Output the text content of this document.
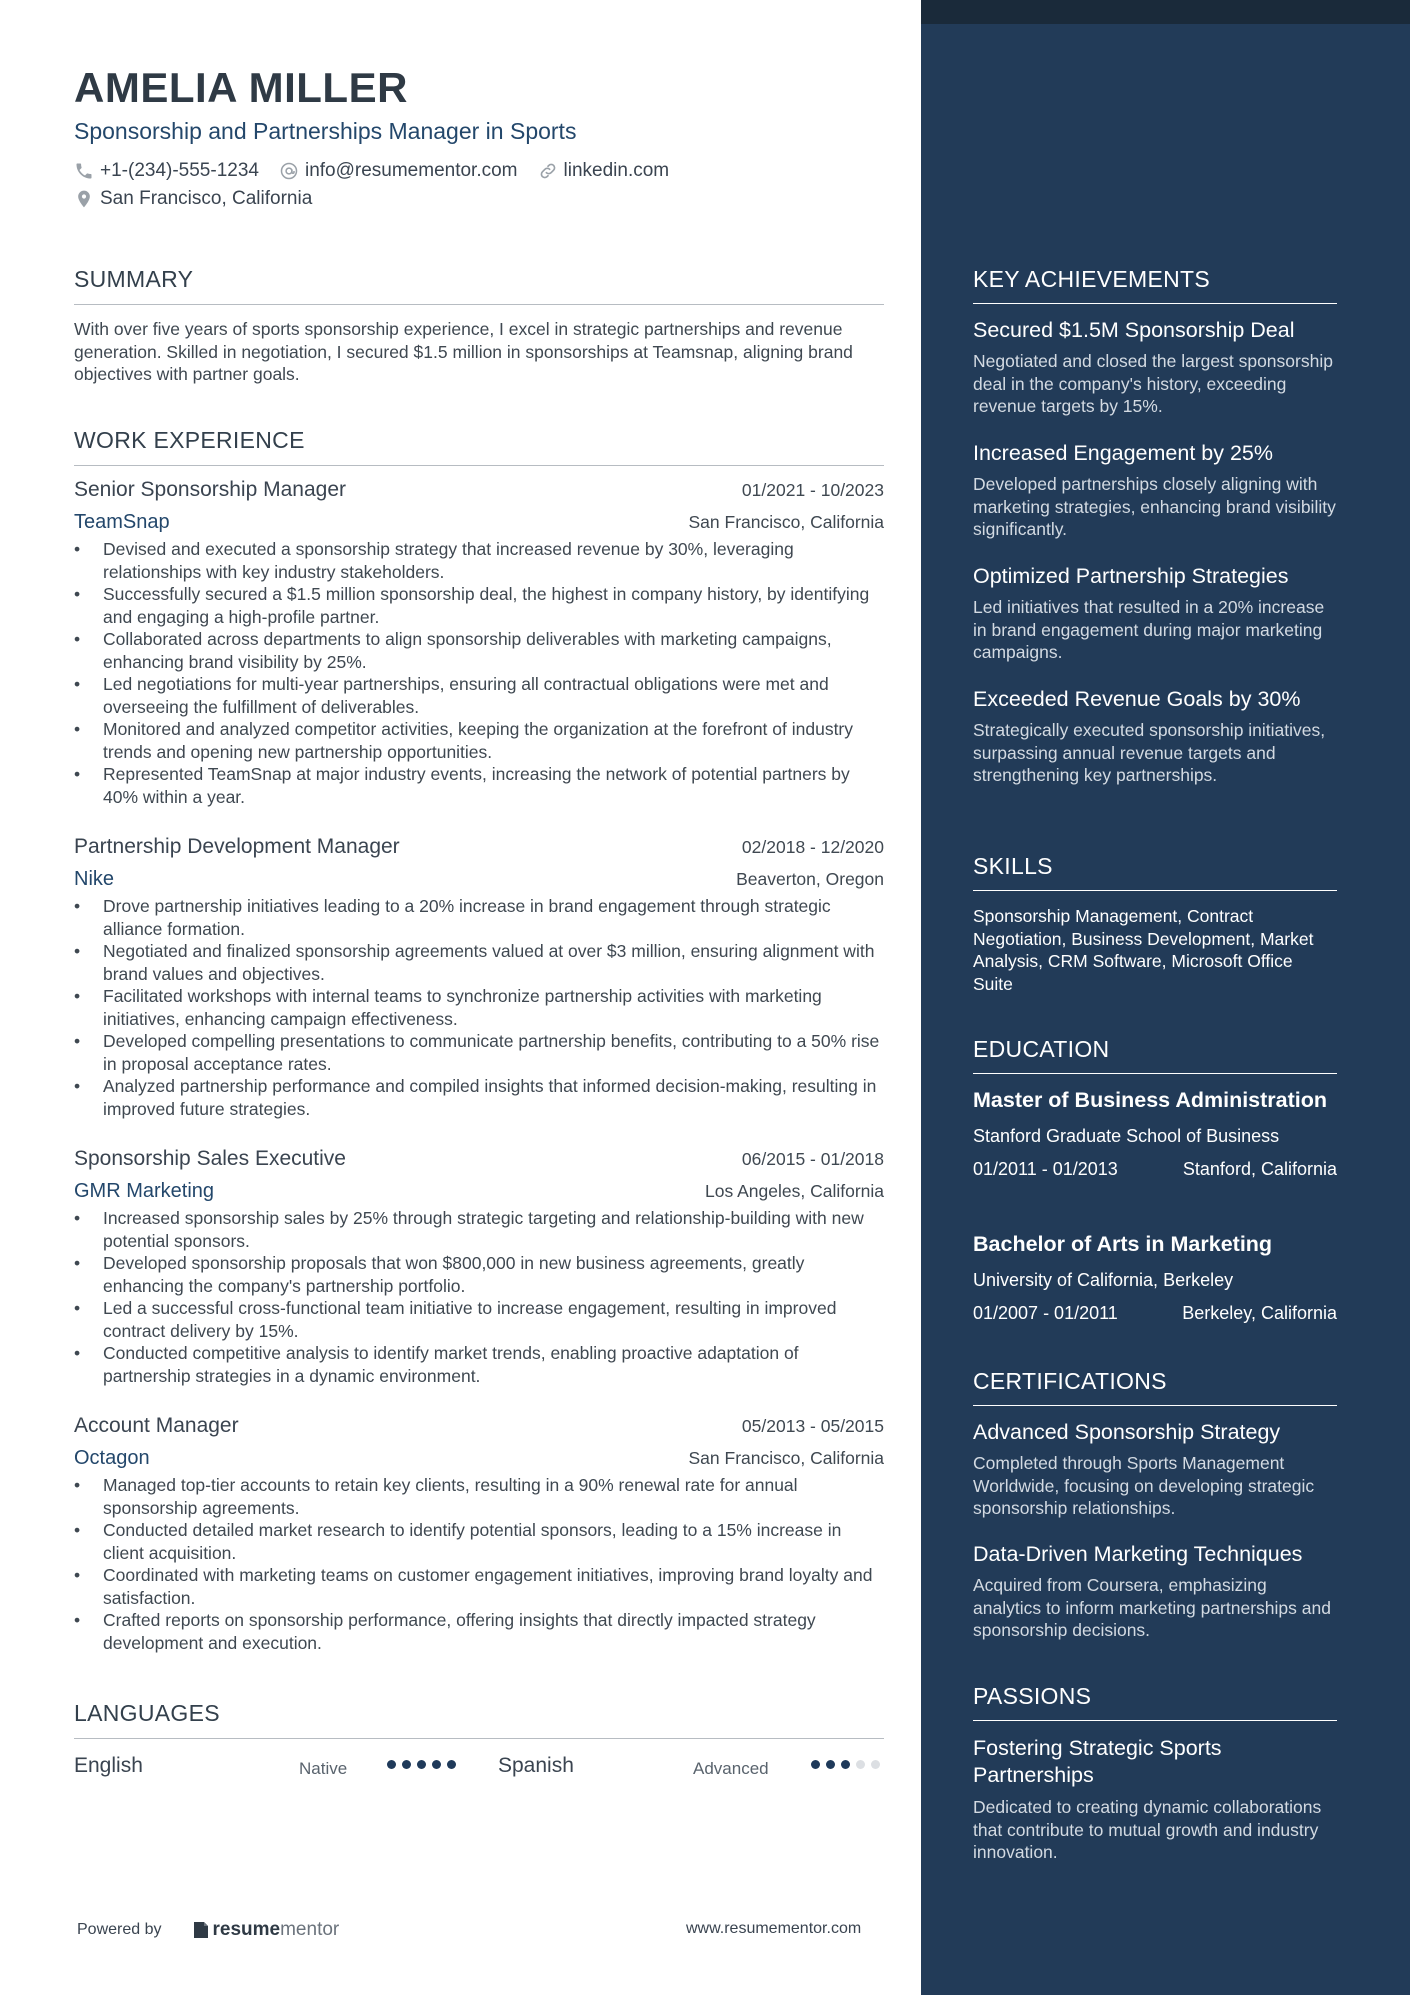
AMELIA MILLER
Sponsorship and Partnerships Manager in Sports
+1-(234)-555-1234 info@resumementor.com linkedin.com
San Francisco, California
SUMMARY
With over five years of sports sponsorship experience, I excel in strategic partnerships and revenue generation. Skilled in negotiation, I secured $1.5 million in sponsorships at Teamsnap, aligning brand objectives with partner goals.
WORK EXPERIENCE
Senior Sponsorship Manager	01/2021 - 10/2023
TeamSnap	San Francisco, California
• Devised and executed a sponsorship strategy that increased revenue by 30%, leveraging relationships with key industry stakeholders.
• Successfully secured a $1.5 million sponsorship deal, the highest in company history, by identifying and engaging a high-profile partner.
• Collaborated across departments to align sponsorship deliverables with marketing campaigns, enhancing brand visibility by 25%.
• Led negotiations for multi-year partnerships, ensuring all contractual obligations were met and overseeing the fulfillment of deliverables.
• Monitored and analyzed competitor activities, keeping the organization at the forefront of industry trends and opening new partnership opportunities.
• Represented TeamSnap at major industry events, increasing the network of potential partners by 40% within a year.
Partnership Development Manager	02/2018 - 12/2020
Nike	Beaverton, Oregon
• Drove partnership initiatives leading to a 20% increase in brand engagement through strategic alliance formation.
• Negotiated and finalized sponsorship agreements valued at over $3 million, ensuring alignment with brand values and objectives.
• Facilitated workshops with internal teams to synchronize partnership activities with marketing initiatives, enhancing campaign effectiveness.
• Developed compelling presentations to communicate partnership benefits, contributing to a 50% rise in proposal acceptance rates.
• Analyzed partnership performance and compiled insights that informed decision-making, resulting in improved future strategies.
Sponsorship Sales Executive	06/2015 - 01/2018
GMR Marketing	Los Angeles, California
• Increased sponsorship sales by 25% through strategic targeting and relationship-building with new potential sponsors.
• Developed sponsorship proposals that won $800,000 in new business agreements, greatly enhancing the company's partnership portfolio.
• Led a successful cross-functional team initiative to increase engagement, resulting in improved contract delivery by 15%.
• Conducted competitive analysis to identify market trends, enabling proactive adaptation of partnership strategies in a dynamic environment.
Account Manager	05/2013 - 05/2015
Octagon	San Francisco, California
• Managed top-tier accounts to retain key clients, resulting in a 90% renewal rate for annual sponsorship agreements.
• Conducted detailed market research to identify potential sponsors, leading to a 15% increase in client acquisition.
• Coordinated with marketing teams on customer engagement initiatives, improving brand loyalty and satisfaction.
• Crafted reports on sponsorship performance, offering insights that directly impacted strategy development and execution.
LANGUAGES
English	Native	Spanish	Advanced
Powered by	resume mentor	www.resumementor.com
KEY ACHIEVEMENTS
Secured $1.5M Sponsorship Deal
Negotiated and closed the largest sponsorship deal in the company's history, exceeding revenue targets by 15%.
Increased Engagement by 25%
Developed partnerships closely aligning with marketing strategies, enhancing brand visibility significantly.
Optimized Partnership Strategies
Led initiatives that resulted in a 20% increase in brand engagement during major marketing campaigns.
Exceeded Revenue Goals by 30%
Strategically executed sponsorship initiatives, surpassing annual revenue targets and strengthening key partnerships.
SKILLS
Sponsorship Management, Contract Negotiation, Business Development, Market Analysis, CRM Software, Microsoft Office Suite
EDUCATION
Master of Business Administration
Stanford Graduate School of Business
01/2011 - 01/2013	Stanford, California
Bachelor of Arts in Marketing
University of California, Berkeley
01/2007 - 01/2011	Berkeley, California
CERTIFICATIONS
Advanced Sponsorship Strategy
Completed through Sports Management Worldwide, focusing on developing strategic sponsorship relationships.
Data-Driven Marketing Techniques
Acquired from Coursera, emphasizing analytics to inform marketing partnerships and sponsorship decisions.
PASSIONS
Fostering Strategic Sports Partnerships
Dedicated to creating dynamic collaborations that contribute to mutual growth and industry innovation.
